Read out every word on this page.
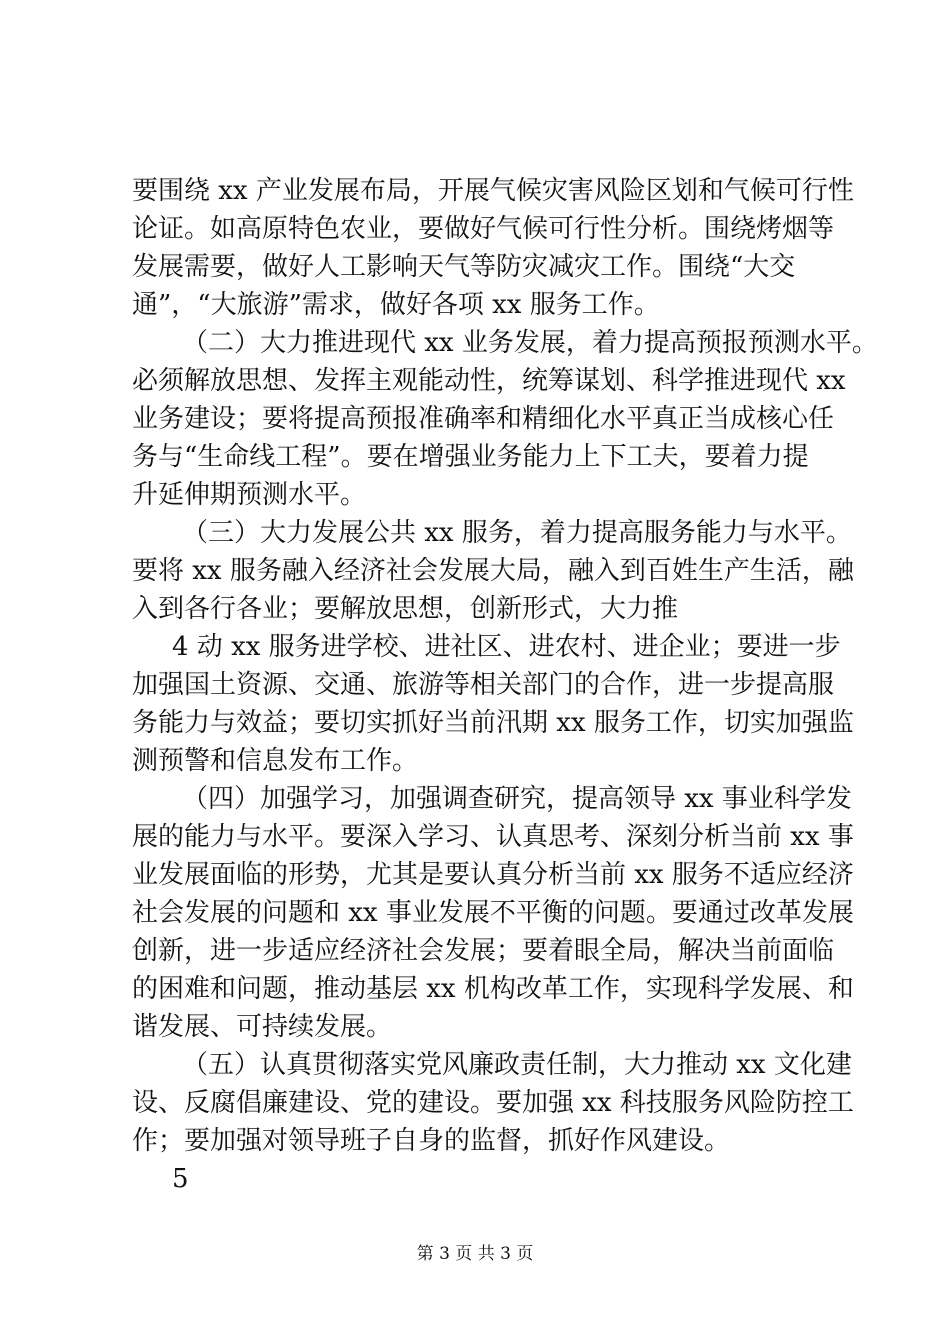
要围绕 xx 产业发展布局，开展气候灾害风险区划和气候可行性
论证。如高原特色农业，要做好气候可行性分析。围绕烤烟等
发展需要，做好人工影响天气等防灾减灾工作。围绕“大交
通”，“大旅游”需求，做好各项 xx 服务工作。
（二）大力推进现代 xx 业务发展，着力提高预报预测水平。
必须解放思想、发挥主观能动性，统筹谋划、科学推进现代 xx
业务建设；要将提高预报准确率和精细化水平真正当成核心任
务与“生命线工程”。要在增强业务能力上下工夫，要着力提
升延伸期预测水平。
（三）大力发展公共 xx 服务，着力提高服务能力与水平。
要将 xx 服务融入经济社会发展大局，融入到百姓生产生活，融
入到各行各业；要解放思想，创新形式，大力推
4 动 xx 服务进学校、进社区、进农村、进企业；要进一步
加强国土资源、交通、旅游等相关部门的合作，进一步提高服
务能力与效益；要切实抓好当前汛期 xx 服务工作，切实加强监
测预警和信息发布工作。
（四）加强学习，加强调查研究，提高领导 xx 事业科学发
展的能力与水平。要深入学习、认真思考、深刻分析当前 xx 事
业发展面临的形势，尤其是要认真分析当前 xx 服务不适应经济
社会发展的问题和 xx 事业发展不平衡的问题。要通过改革发展
创新，进一步适应经济社会发展；要着眼全局，解决当前面临
的困难和问题，推动基层 xx 机构改革工作，实现科学发展、和
谐发展、可持续发展。
（五）认真贯彻落实党风廉政责任制，大力推动 xx 文化建
设、反腐倡廉建设、党的建设。要加强 xx 科技服务风险防控工
作；要加强对领导班子自身的监督，抓好作风建设。
5
第 3 页 共 3 页
